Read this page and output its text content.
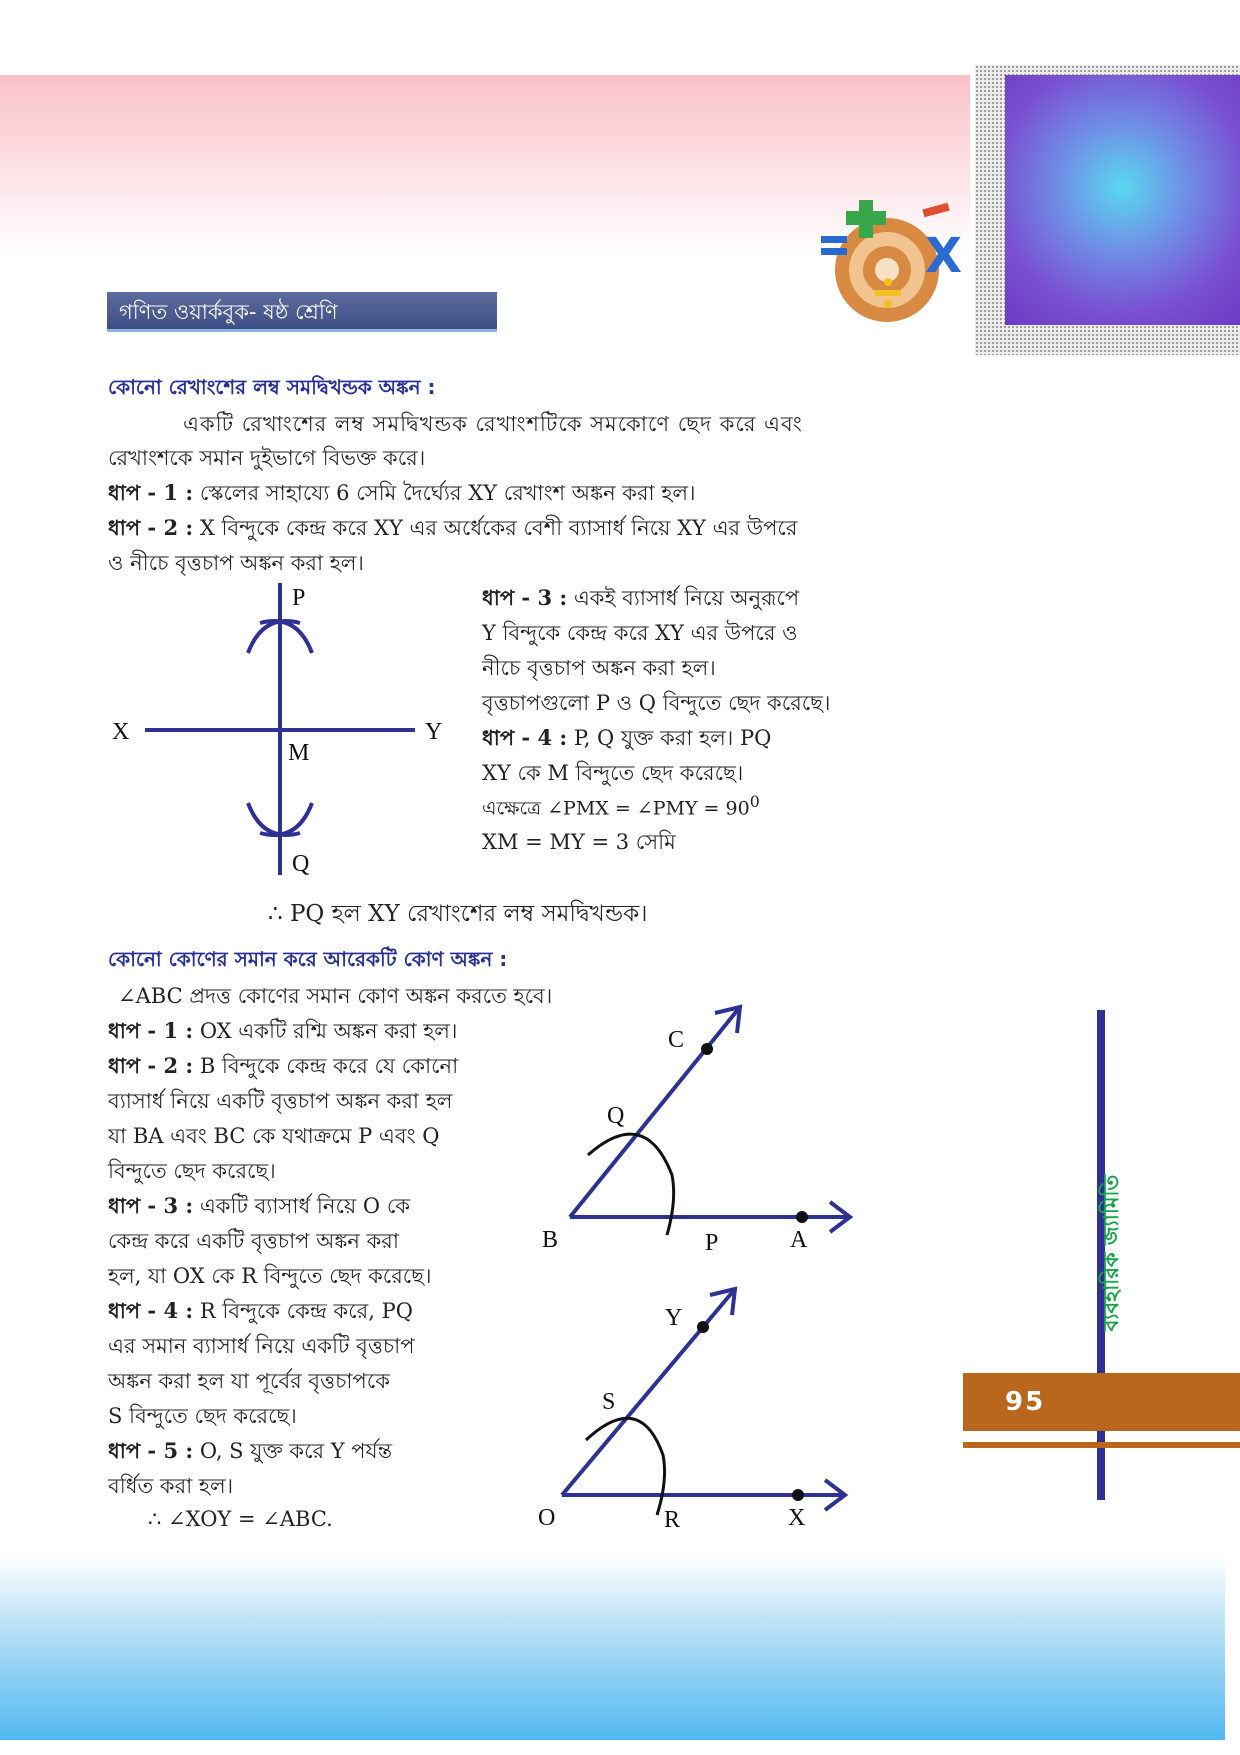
X
গণিত ওয়ার্কবুক- ষষ্ঠ শ্রেণি
কোনো রেখাংশের লম্ব সমদ্বিখন্ডক অঙ্কন :
একটি রেখাংশের লম্ব সমদ্বিখন্ডক রেখাংশটিকে সমকোণে ছেদ করে এবং
রেখাংশকে সমান দুইভাগে বিভক্ত করে।
ধাপ - 1 : স্কেলের সাহায্যে 6 সেমি দৈর্ঘ্যের XY রেখাংশ অঙ্কন করা হল।
ধাপ - 2 : X বিন্দুকে কেন্দ্র করে XY এর অর্ধেকের বেশী ব্যাসার্ধ নিয়ে XY এর উপরে
ও নীচে বৃত্তচাপ অঙ্কন করা হল।
P
Q
X	Y
M
ধাপ - 3 : একই ব্যাসার্ধ নিয়ে অনুরূপে
Y বিন্দুকে কেন্দ্র করে XY এর উপরে ও
নীচে বৃত্তচাপ অঙ্কন করা হল।
বৃত্তচাপগুলো P ও Q বিন্দুতে ছেদ করেছে।
ধাপ - 4 : P, Q যুক্ত করা হল। PQ
XY কে M বিন্দুতে ছেদ করেছে।
এক্ষেত্রে ∠PMX = ∠PMY = $90^0$
XM = MY = 3 সেমি
∴ PQ হল XY রেখাংশের লম্ব সমদ্বিখন্ডক।
কোনো কোণের সমান করে আরেকটি কোণ অঙ্কন :
∠ABC প্রদত্ত কোণের সমান কোণ অঙ্কন করতে হবে।
ধাপ - 1 : OX একটি রশ্মি অঙ্কন করা হল।
ধাপ - 2 : B বিন্দুকে কেন্দ্র করে যে কোনো
ব্যাসার্ধ নিয়ে একটি বৃত্তচাপ অঙ্কন করা হল
যা BA এবং BC কে যথাক্রমে P এবং Q
বিন্দুতে ছেদ করেছে।
ধাপ - 3 : একটি ব্যাসার্ধ নিয়ে O কে
কেন্দ্র করে একটি বৃত্তচাপ অঙ্কন করা
হল, যা OX কে R বিন্দুতে ছেদ করেছে।
ধাপ - 4 : R বিন্দুকে কেন্দ্র করে, PQ
এর সমান ব্যাসার্ধ নিয়ে একটি বৃত্তচাপ
অঙ্কন করা হল যা পূর্বের বৃত্তচাপকে
S বিন্দুতে ছেদ করেছে।
ধাপ - 5 : O, S যুক্ত করে Y পর্যন্ত
বর্ধিত করা হল।
∴ ∠XOY = ∠ABC.
B	A
C
P
Q
O	X
Y
R
S
ব্যবহারিক জ্যামিতি
95
